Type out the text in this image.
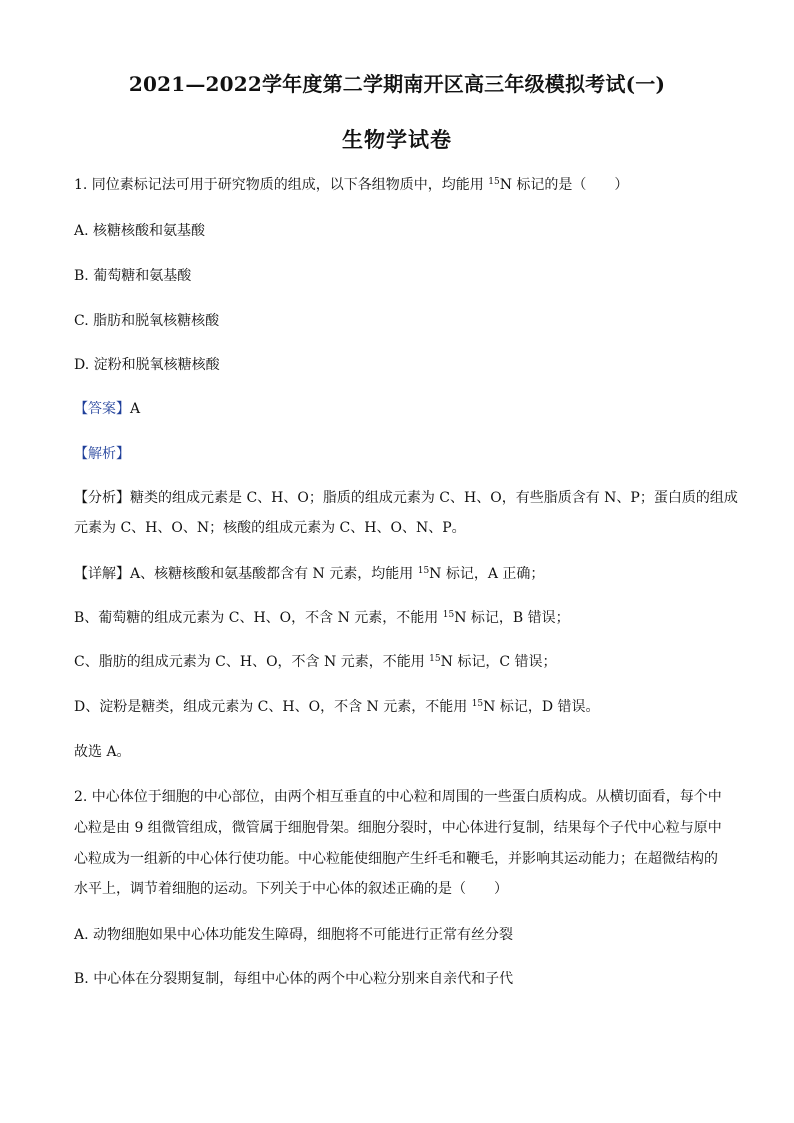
2021—2022学年度第二学期南开区高三年级模拟考试(一)
生物学试卷
1. 同位素标记法可用于研究物质的组成，以下各组物质中，均能用 $^{15}$N 标记的是（　　）
A. 核糖核酸和氨基酸
B. 葡萄糖和氨基酸
C. 脂肪和脱氧核糖核酸
D. 淀粉和脱氧核糖核酸
【答案】A
【解析】
【分析】糖类的组成元素是 C、H、O；脂质的组成元素为 C、H、O，有些脂质含有 N、P；蛋白质的组成
元素为 C、H、O、N；核酸的组成元素为 C、H、O、N、P。
【详解】A、核糖核酸和氨基酸都含有 N 元素，均能用 $^{15}$N 标记，A 正确；
B、葡萄糖的组成元素为 C、H、O，不含 N 元素，不能用 $^{15}$N 标记，B 错误；
C、脂肪的组成元素为 C、H、O，不含 N 元素，不能用 $^{15}$N 标记，C 错误；
D、淀粉是糖类，组成元素为 C、H、O，不含 N 元素，不能用 $^{15}$N 标记，D 错误。
故选 A。
2. 中心体位于细胞的中心部位，由两个相互垂直的中心粒和周围的一些蛋白质构成。从横切面看，每个中
心粒是由 9 组微管组成，微管属于细胞骨架。细胞分裂时，中心体进行复制，结果每个子代中心粒与原中
心粒成为一组新的中心体行使功能。中心粒能使细胞产生纤毛和鞭毛，并影响其运动能力；在超微结构的
水平上，调节着细胞的运动。下列关于中心体的叙述正确的是（　　）
A. 动物细胞如果中心体功能发生障碍，细胞将不可能进行正常有丝分裂
B. 中心体在分裂期复制，每组中心体的两个中心粒分别来自亲代和子代
